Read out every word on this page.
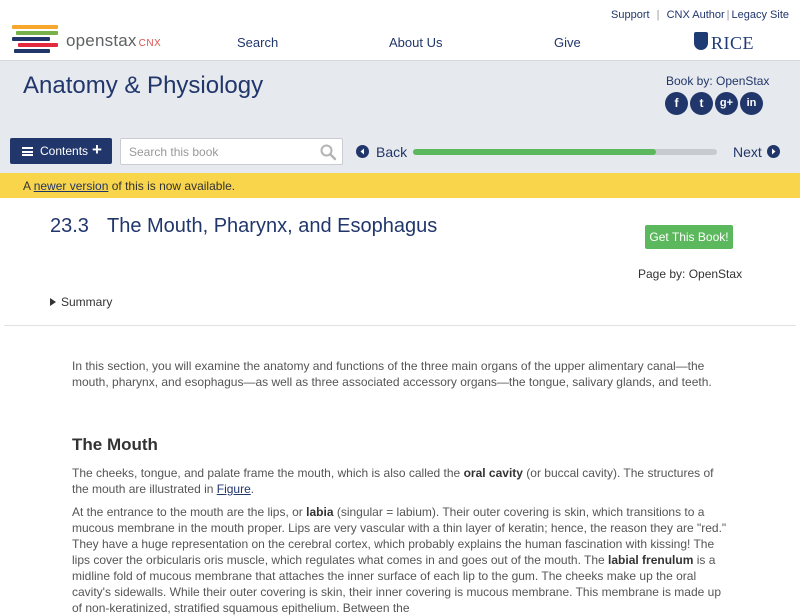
openstax CNX
Support | CNX Author | Legacy Site
Search	About Us	Give	RICE
Anatomy & Physiology	Book by: OpenStax
f	t	g+	in
Contents +
Search this book	Back	Next
A newer version of this is now available.
23.3 The Mouth, Pharynx, and Esophagus	Get This Book!
Page by: OpenStax
Summary

In this section, you will examine the anatomy and functions of the three main organs of the upper alimentary canal—the mouth, pharynx, and esophagus—as well as three associated accessory organs—the tongue, salivary glands, and teeth.

The Mouth

The cheeks, tongue, and palate frame the mouth, which is also called the oral cavity (or buccal cavity). The structures of the mouth are illustrated in Figure.

At the entrance to the mouth are the lips, or labia (singular = labium). Their outer covering is skin, which transitions to a mucous membrane in the mouth proper. Lips are very vascular with a thin layer of keratin; hence, the reason they are "red." They have a huge representation on the cerebral cortex, which probably explains the human fascination with kissing! The lips cover the orbicularis oris muscle, which regulates what comes in and goes out of the mouth. The labial frenulum is a midline fold of mucous membrane that attaches the inner surface of each lip to the gum. The cheeks make up the oral cavity's sidewalls. While their outer covering is skin, their inner covering is mucous membrane. This membrane is made up of non-keratinized, stratified squamous epithelium. Between the
